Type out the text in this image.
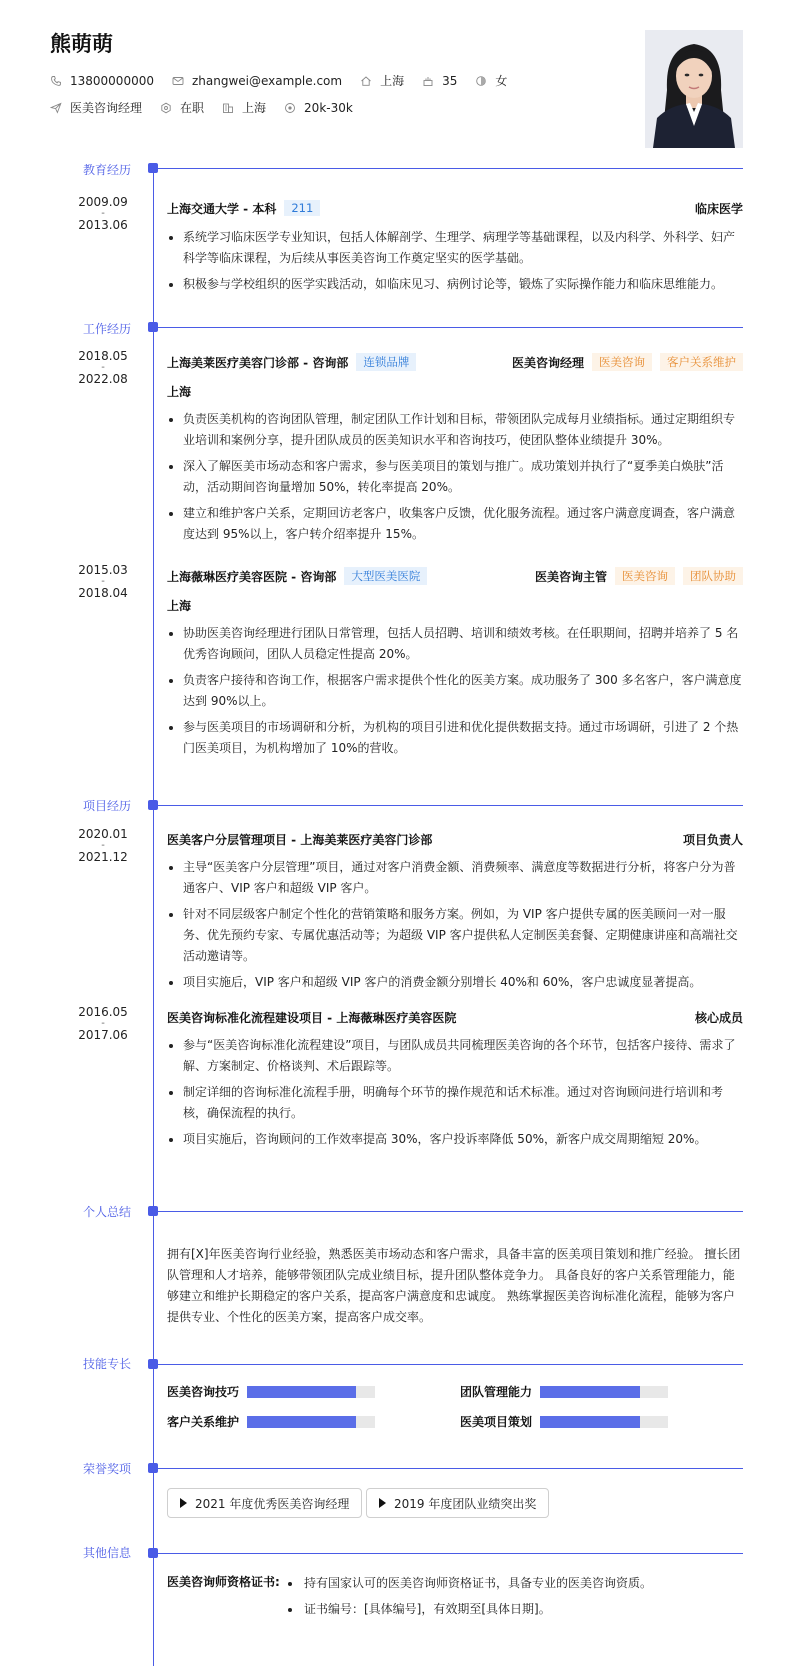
熊萌萌
13800000000	zhangwei@example.com	上海	35	女
医美咨询经理	在职	上海	20k-30k
教育经历
2009.09
-
2013.06
上海交通大学 - 本科	211	临床医学
系统学习临床医学专业知识，包括人体解剖学、生理学、病理学等基础课程，以及内科学、外科学、妇产科学等临床课程，为后续从事医美咨询工作奠定坚实的医学基础。
积极参与学校组织的医学实践活动，如临床见习、病例讨论等，锻炼了实际操作能力和临床思维能力。
工作经历
2018.05
-
2022.08
上海美莱医疗美容门诊部 - 咨询部	连锁品牌	医美咨询经理	医美咨询	客户关系维护
上海
负责医美机构的咨询团队管理，制定团队工作计划和目标，带领团队完成每月业绩指标。通过定期组织专业培训和案例分享，提升团队成员的医美知识水平和咨询技巧，使团队整体业绩提升 30%。
深入了解医美市场动态和客户需求，参与医美项目的策划与推广。成功策划并执行了“夏季美白焕肤”活动，活动期间咨询量增加 50%，转化率提高 20%。
建立和维护客户关系，定期回访老客户，收集客户反馈，优化服务流程。通过客户满意度调查，客户满意度达到 95%以上，客户转介绍率提升 15%。
2015.03
-
2018.04
上海薇琳医疗美容医院 - 咨询部	大型医美医院	医美咨询主管	医美咨询	团队协助
上海
协助医美咨询经理进行团队日常管理，包括人员招聘、培训和绩效考核。在任职期间，招聘并培养了 5 名优秀咨询顾问，团队人员稳定性提高 20%。
负责客户接待和咨询工作，根据客户需求提供个性化的医美方案。成功服务了 300 多名客户，客户满意度达到 90%以上。
参与医美项目的市场调研和分析，为机构的项目引进和优化提供数据支持。通过市场调研，引进了 2 个热门医美项目，为机构增加了 10%的营收。
项目经历
2020.01
-
2021.12
医美客户分层管理项目 - 上海美莱医疗美容门诊部	项目负责人
主导“医美客户分层管理”项目，通过对客户消费金额、消费频率、满意度等数据进行分析，将客户分为普通客户、VIP 客户和超级 VIP 客户。
针对不同层级客户制定个性化的营销策略和服务方案。例如，为 VIP 客户提供专属的医美顾问一对一服务、优先预约专家、专属优惠活动等；为超级 VIP 客户提供私人定制医美套餐、定期健康讲座和高端社交活动邀请等。
项目实施后，VIP 客户和超级 VIP 客户的消费金额分别增长 40%和 60%，客户忠诚度显著提高。
2016.05
-
2017.06
医美咨询标准化流程建设项目 - 上海薇琳医疗美容医院	核心成员
参与“医美咨询标准化流程建设”项目，与团队成员共同梳理医美咨询的各个环节，包括客户接待、需求了解、方案制定、价格谈判、术后跟踪等。
制定详细的咨询标准化流程手册，明确每个环节的操作规范和话术标准。通过对咨询顾问进行培训和考核，确保流程的执行。
项目实施后，咨询顾问的工作效率提高 30%，客户投诉率降低 50%，新客户成交周期缩短 20%。
个人总结
拥有[X]年医美咨询行业经验，熟悉医美市场动态和客户需求，具备丰富的医美项目策划和推广经验。 擅长团队管理和人才培养，能够带领团队完成业绩目标，提升团队整体竞争力。 具备良好的客户关系管理能力，能够建立和维护长期稳定的客户关系，提高客户满意度和忠诚度。 熟练掌握医美咨询标准化流程，能够为客户提供专业、个性化的医美方案，提高客户成交率。
技能专长
医美咨询技巧	团队管理能力
客户关系维护	医美项目策划
荣誉奖项
2021 年度优秀医美咨询经理	2019 年度团队业绩突出奖
其他信息
医美咨询师资格证书:	持有国家认可的医美咨询师资格证书，具备专业的医美咨询资质。
证书编号：[具体编号]，有效期至[具体日期]。
